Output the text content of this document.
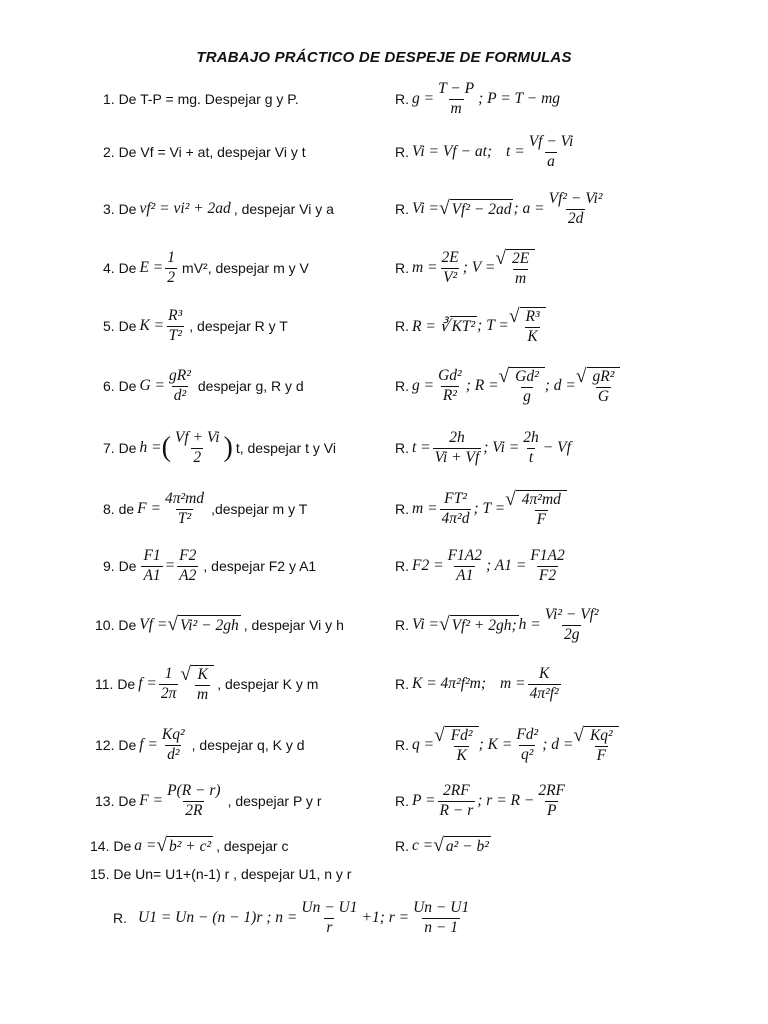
TRABAJO PRÁCTICO DE DESPEJE DE FORMULAS
1. De T-P = mg. Despejar g y P.	R. $g = \frac{T - P}{m}$ ; P = T − mg
2. De Vf = Vi + at, despejar Vi y t	R. Vi = Vf − at; $t = \frac{Vf - Vi}{a}$
3. De vf² = vi² + 2ad , despejar Vi y a	R. Vi = √ Vf² − 2ad ; $a = \frac{\text{Vf² − Vi²}}{2d}$
4. De $E = \frac{1}{2} mV^2$, despejar m y V	R. $m = \frac{2E}{\text{V²}}$ ; V = √ $\frac{2E}{m}$
5. De $K = \frac{\text{R³}}{\text{T²}}$ , despejar R y T	R. R = ∛ KT² ; T = √ $\frac{\text{R³}}{K}$
6. De $G = \frac{\text{gR²}}{\text{d²}}$ despejar g, R y d	R. $g = \frac{\text{Gd²}}{\text{R²}}$ ; R = √ $\frac{\text{Gd²}}{g}$ ; d = √ $\frac{\text{gR²}}{G}$
7. De h = ( $\frac{Vf + Vi}{2}$ ) t, despejar t y Vi	R. $t = \frac{2h}{Vi + Vf}$ ; $Vi = \frac{2h}{t} - Vf$
8. de $F = \frac{\text{4π²md}}{\text{T²}}$ ,despejar m y T	R. $m = \frac{\text{FT²}}{\text{4π²d}}$ ; T = √ $\frac{\text{4π²md}}{F}$
9. De $\frac{F1}{A1} = \frac{F2}{A2}$ , despejar F2 y A1	R. $F2 = \frac{F1A2}{A1}$ ; $A1 = \frac{F1A2}{F2}$
10. De Vf = √ Vi² − 2gh , despejar Vi y h	R. Vi = √ Vf² + 2gh; $h = \frac{\text{Vi² − Vf²}}{2g}$
11. De $f = \frac{1}{2\pi}$ √ $\frac{K}{m}$ , despejar K y m	R. K = 4π²f²m; $m = \frac{K}{\text{4π²f²}}$
12. De $f = \frac{\text{Kq²}}{\text{d²}}$ , despejar q, K y d	R. q = √ $\frac{\text{Fd²}}{K}$ ; $K = \frac{\text{Fd²}}{\text{q²}}$ ; d = √ $\frac{\text{Kq²}}{F}$
13. De $F = \frac{P(R - r)}{2R}$ , despejar P y r	R. $P = \frac{2RF}{R - r}$ ; $r = R - \frac{2RF}{P}$
14. De a = √ b² + c² , despejar c	R. c = √ a² − b²
15. De Un= U1+(n-1) r , despejar U1, n y r
R. U1 = Un − (n − 1)r ; $n = \frac{Un - U1}{r} +1$; $r = \frac{Un - U1}{n - 1}$
